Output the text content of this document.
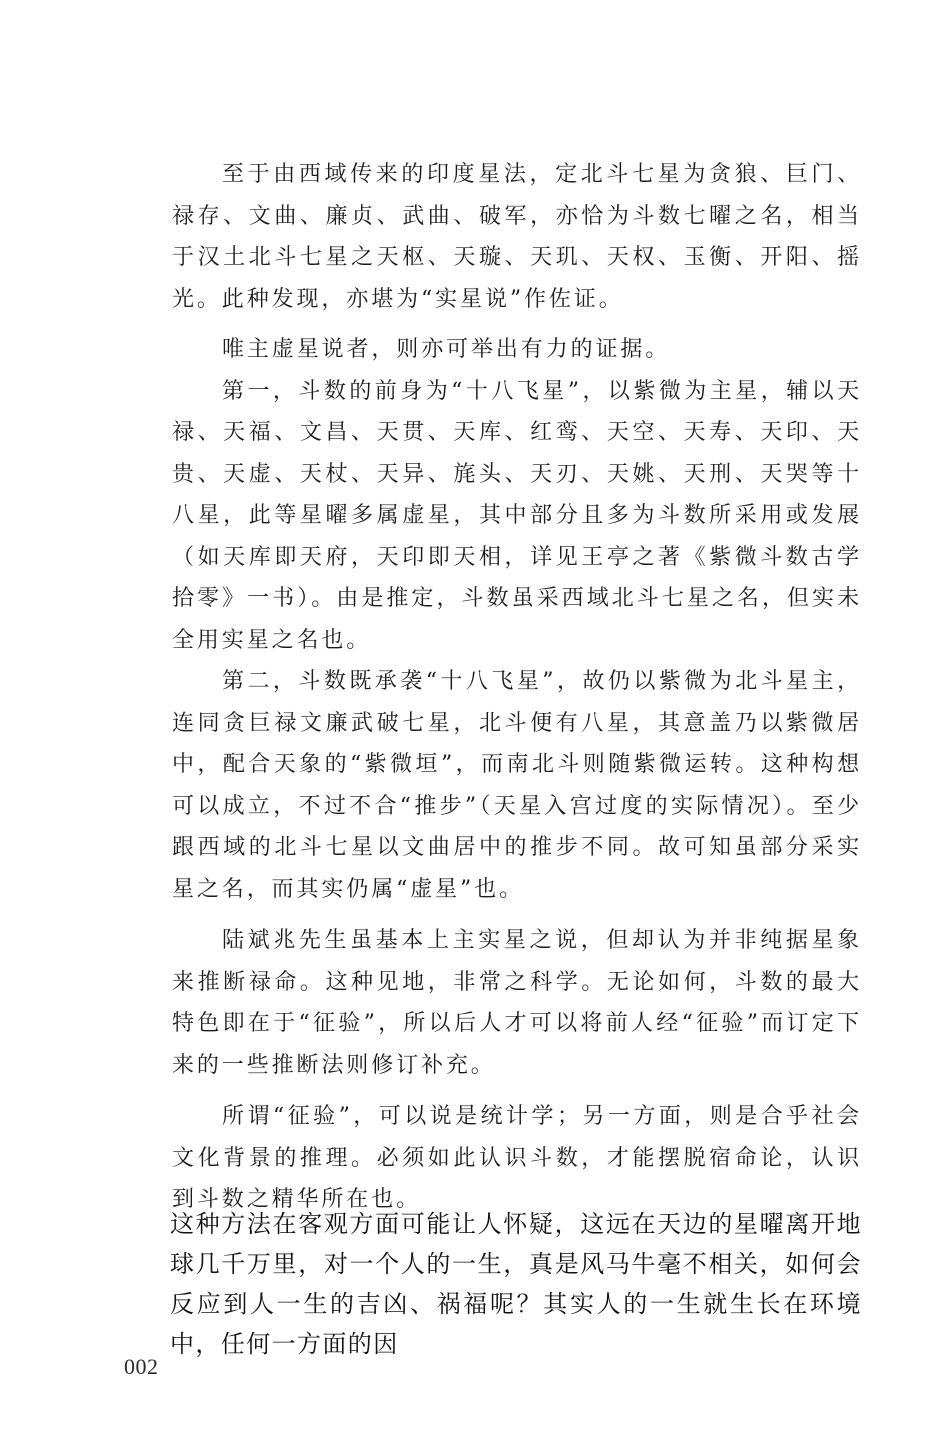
至于由西域传来的印度星法，定北斗七星为贪狼、巨门、禄存、文曲、廉贞、武曲、破军，亦恰为斗数七曜之名，相当于汉土北斗七星之天枢、天璇、天玑、天权、玉衡、开阳、摇光。此种发现，亦堪为“实星说”作佐证。

唯主虚星说者，则亦可举出有力的证据。

第一，斗数的前身为“十八飞星”，以紫微为主星，辅以天禄、天福、文昌、天贯、天库、红鸾、天空、天寿、天印、天贵、天虚、天杖、天异、旄头、天刃、天姚、天刑、天哭等十八星，此等星曜多属虚星，其中部分且多为斗数所采用或发展（如天库即天府，天印即天相，详见王亭之著《紫微斗数古学拾零》一书）。由是推定，斗数虽采西域北斗七星之名，但实未全用实星之名也。

第二，斗数既承袭“十八飞星”，故仍以紫微为北斗星主，连同贪巨禄文廉武破七星，北斗便有八星，其意盖乃以紫微居中，配合天象的“紫微垣”，而南北斗则随紫微运转。这种构想可以成立，不过不合“推步”（天星入宫过度的实际情况）。至少跟西域的北斗七星以文曲居中的推步不同。故可知虽部分采实星之名，而其实仍属“虚星”也。

陆斌兆先生虽基本上主实星之说，但却认为并非纯据星象来推断禄命。这种见地，非常之科学。无论如何，斗数的最大特色即在于“征验”，所以后人才可以将前人经“征验”而订定下来的一些推断法则修订补充。

所谓“征验”，可以说是统计学；另一方面，则是合乎社会文化背景的推理。必须如此认识斗数，才能摆脱宿命论，认识到斗数之精华所在也。

这种方法在客观方面可能让人怀疑，这远在天边的星曜离开地球几千万里，对一个人的一生，真是风马牛毫不相关，如何会反应到人一生的吉凶、祸福呢？其实人的一生就生长在环境中，任何一方面的因

002
